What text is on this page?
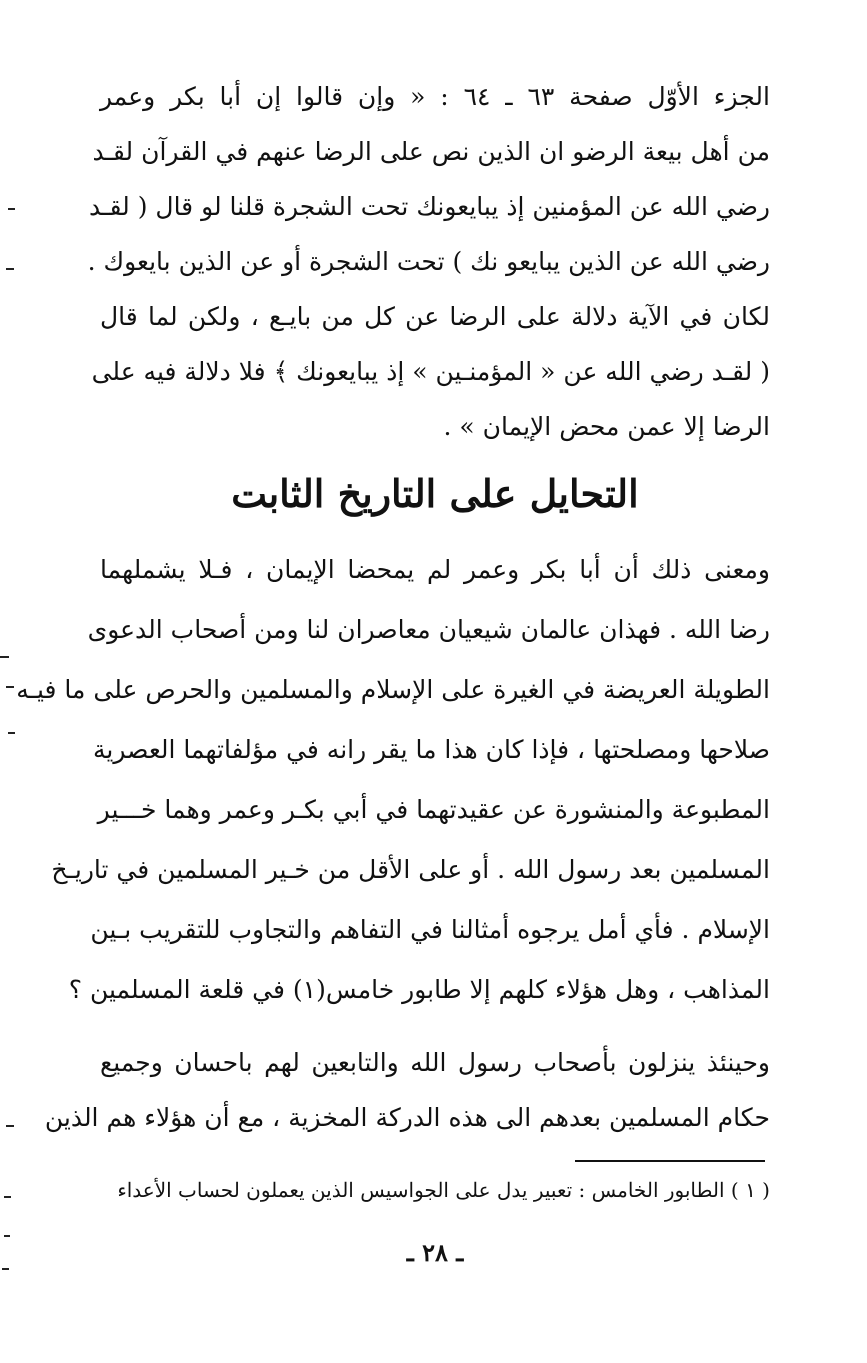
الجزء الأوّل صفحة ٦٣ ـ ٦٤ : « وإن قالوا إن أبا بكر وعمر
من أهل بيعة الرضو ان الذين نص على الرضا عنهم في القرآن لقـد
رضي الله عن المؤمنين إذ يبايعونك تحت الشجرة قلنا لو قال ( لقـد
رضي الله عن الذين يبايعو نك ) تحت الشجرة أو عن الذين بايعوك .
لكان في الآية دلالة على الرضا عن كل من بايـع ، ولكن لما قال
( لقـد رضي الله عن « المؤمنـين » إذ يبايعونك ﴾ فلا دلالة فيه على
الرضا إلا عمن محض الإيمان » .
التحايل على التاريخ الثابت
ومعنى ذلك أن أبا بكر وعمر لم يمحضا الإيمان ، فـلا يشملهما
رضا الله . فهذان عالمان شيعيان معاصران لنا ومن أصحاب الدعوى
الطويلة العريضة في الغيرة على الإسلام والمسلمين والحرص على ما فيـه
صلاحها ومصلحتها ، فإذا كان هذا ما يقر رانه في مؤلفاتهما العصرية
المطبوعة والمنشورة عن عقيدتهما في أبي بكـر وعمر وهما خـــير
المسلمين بعد رسول الله . أو على الأقل من خـير المسلمين في تاريـخ
الإسلام . فأي أمل يرجوه أمثالنا في التفاهم والتجاوب للتقريب بـين
المذاهب ، وهل هؤلاء كلهم إلا طابور خامس(١) في قلعة المسلمين ؟
وحينئذ ينزلون بأصحاب رسول الله والتابعين لهم باحسان وجميع
حكام المسلمين بعدهم الى هذه الدركة المخزية ، مع أن هؤلاء هم الذين
( ١ ) الطابور الخامس : تعبير يدل على الجواسيس الذين يعملون لحساب الأعداء
ـ ٢٨ ـ
